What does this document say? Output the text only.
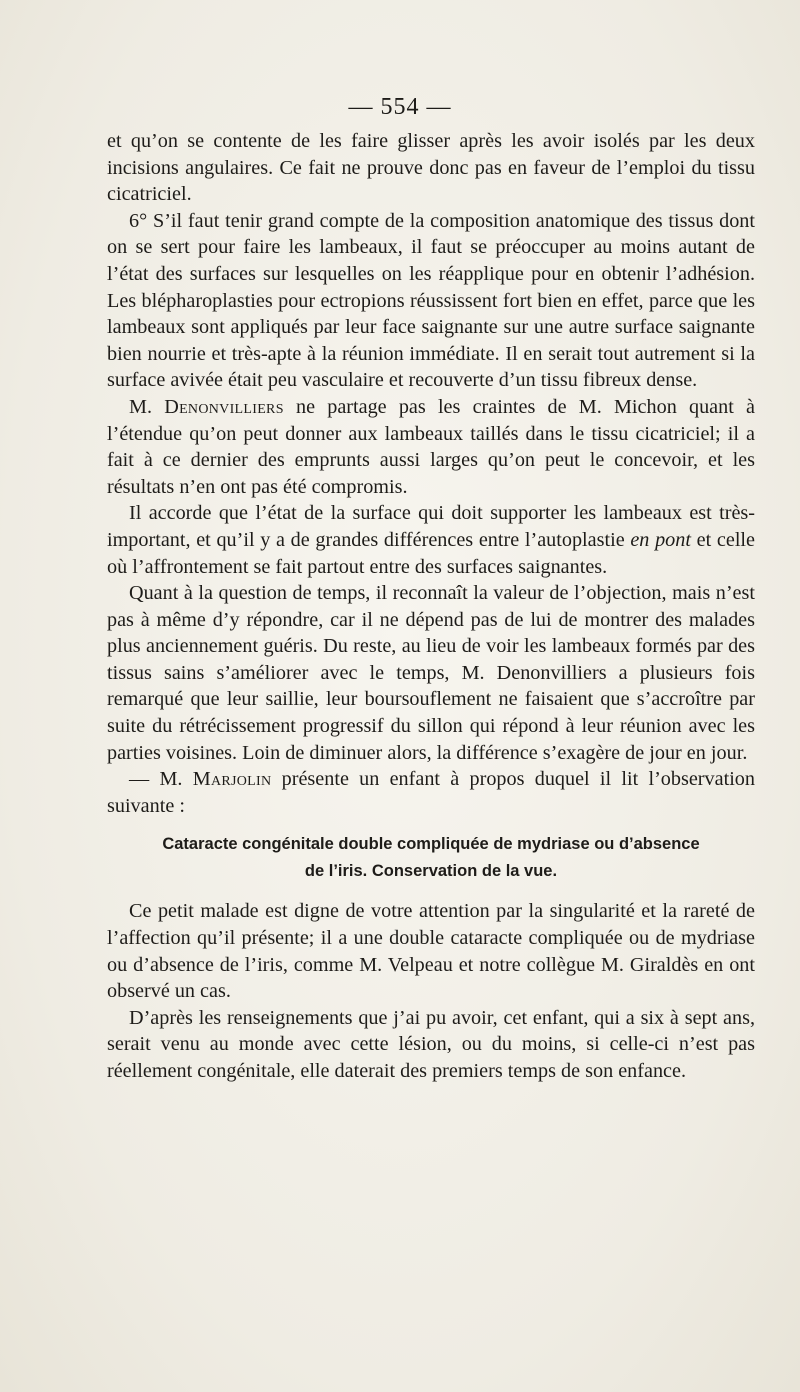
— 554 —

et qu’on se contente de les faire glisser après les avoir isolés par les deux incisions angulaires. Ce fait ne prouve donc pas en faveur de l’emploi du tissu cicatriciel.

6° S’il faut tenir grand compte de la composition anatomique des tissus dont on se sert pour faire les lambeaux, il faut se préoccuper au moins autant de l’état des surfaces sur lesquelles on les réapplique pour en obtenir l’adhésion. Les blépharoplasties pour ectropions réussissent fort bien en effet, parce que les lambeaux sont appliqués par leur face saignante sur une autre surface saignante bien nourrie et très-apte à la réunion immédiate. Il en serait tout autrement si la surface avivée était peu vasculaire et recouverte d’un tissu fibreux dense.

M. Denonvilliers ne partage pas les craintes de M. Michon quant à l’étendue qu’on peut donner aux lambeaux taillés dans le tissu cicatriciel; il a fait à ce dernier des emprunts aussi larges qu’on peut le concevoir, et les résultats n’en ont pas été compromis.

Il accorde que l’état de la surface qui doit supporter les lambeaux est très-important, et qu’il y a de grandes différences entre l’autoplastie en pont et celle où l’affrontement se fait partout entre des surfaces saignantes.

Quant à la question de temps, il reconnaît la valeur de l’objection, mais n’est pas à même d’y répondre, car il ne dépend pas de lui de montrer des malades plus anciennement guéris. Du reste, au lieu de voir les lambeaux formés par des tissus sains s’améliorer avec le temps, M. Denonvilliers a plusieurs fois remarqué que leur saillie, leur boursouflement ne faisaient que s’accroître par suite du rétrécissement progressif du sillon qui répond à leur réunion avec les parties voisines. Loin de diminuer alors, la différence s’exagère de jour en jour.

— M. Marjolin présente un enfant à propos duquel il lit l’observation suivante :

Cataracte congénitale double compliquée de mydriase ou d’absence
de l’iris. Conservation de la vue.

Ce petit malade est digne de votre attention par la singularité et la rareté de l’affection qu’il présente; il a une double cataracte compliquée ou de mydriase ou d’absence de l’iris, comme M. Velpeau et notre collègue M. Giraldès en ont observé un cas.

D’après les renseignements que j’ai pu avoir, cet enfant, qui a six à sept ans, serait venu au monde avec cette lésion, ou du moins, si celle-ci n’est pas réellement congénitale, elle daterait des premiers temps de son enfance.
